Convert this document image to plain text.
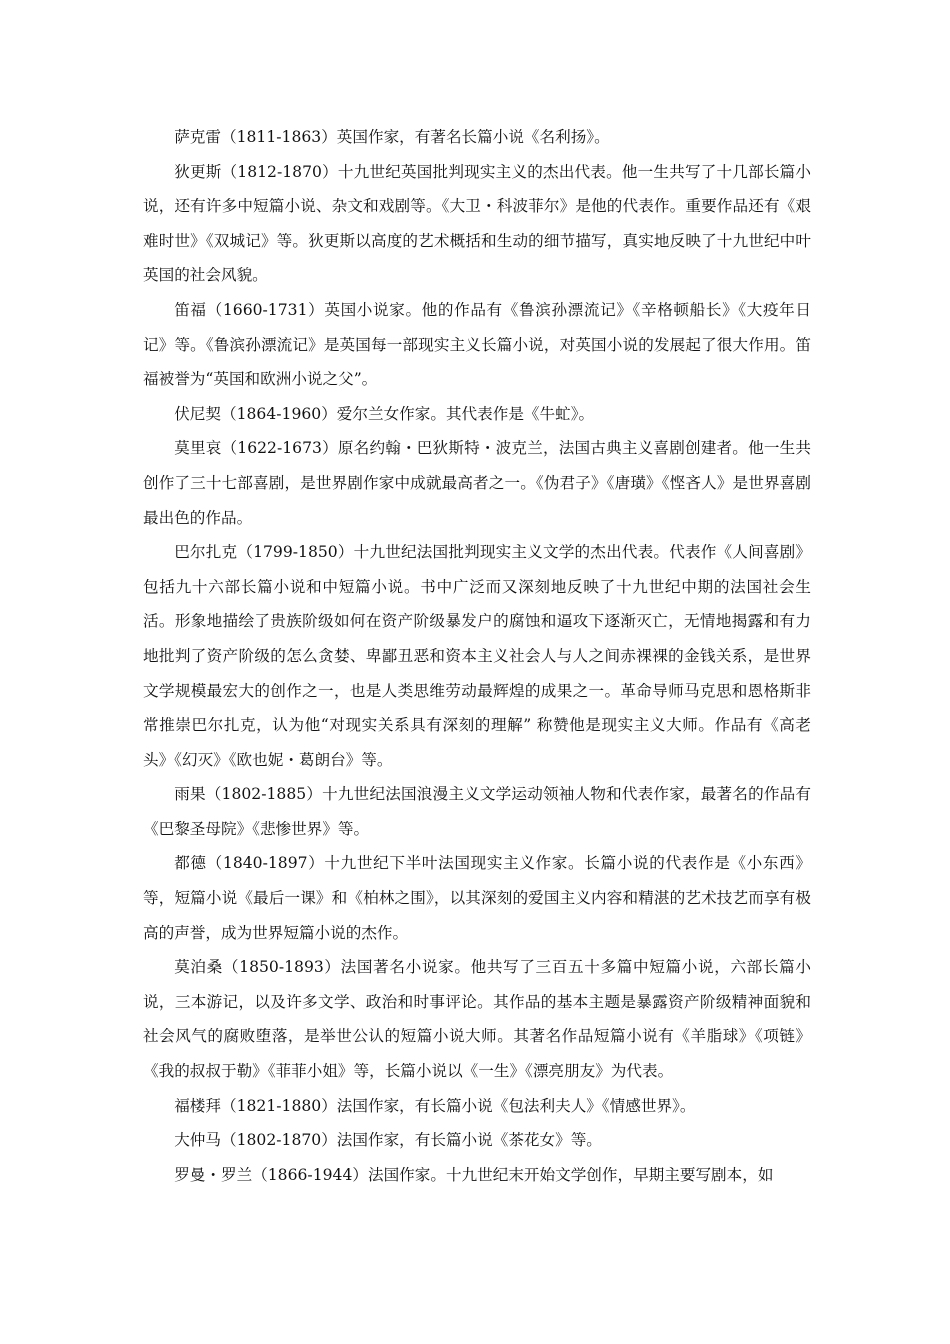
萨克雷（1811-1863）英国作家，有著名长篇小说《名利扬》。

狄更斯（1812-1870）十九世纪英国批判现实主义的杰出代表。他一生共写了十几部长篇小说，还有许多中短篇小说、杂文和戏剧等。《大卫・科波菲尔》是他的代表作。重要作品还有《艰难时世》《双城记》等。狄更斯以高度的艺术概括和生动的细节描写，真实地反映了十九世纪中叶英国的社会风貌。

笛福（1660-1731）英国小说家。他的作品有《鲁滨孙漂流记》《辛格顿船长》《大疫年日记》等。《鲁滨孙漂流记》是英国每一部现实主义长篇小说，对英国小说的发展起了很大作用。笛福被誉为“英国和欧洲小说之父”。

伏尼契（1864-1960）爱尔兰女作家。其代表作是《牛虻》。

莫里哀（1622-1673）原名约翰・巴狄斯特・波克兰，法国古典主义喜剧创建者。他一生共创作了三十七部喜剧，是世界剧作家中成就最高者之一。《伪君子》《唐璜》《悭吝人》是世界喜剧最出色的作品。

巴尔扎克（1799-1850）十九世纪法国批判现实主义文学的杰出代表。代表作《人间喜剧》包括九十六部长篇小说和中短篇小说。书中广泛而又深刻地反映了十九世纪中期的法国社会生活。形象地描绘了贵族阶级如何在资产阶级暴发户的腐蚀和逼攻下逐渐灭亡，无情地揭露和有力地批判了资产阶级的怎么贪婪、卑鄙丑恶和资本主义社会人与人之间赤裸裸的金钱关系，是世界文学规模最宏大的创作之一，也是人类思维劳动最辉煌的成果之一。革命导师马克思和恩格斯非常推崇巴尔扎克，认为他“对现实关系具有深刻的理解” 称赞他是现实主义大师。作品有《高老头》《幻灭》《欧也妮・葛朗台》等。

雨果（1802-1885）十九世纪法国浪漫主义文学运动领袖人物和代表作家，最著名的作品有《巴黎圣母院》《悲惨世界》等。

都德（1840-1897）十九世纪下半叶法国现实主义作家。长篇小说的代表作是《小东西》等，短篇小说《最后一课》和《柏林之围》，以其深刻的爱国主义内容和精湛的艺术技艺而享有极高的声誉，成为世界短篇小说的杰作。

莫泊桑（1850-1893）法国著名小说家。他共写了三百五十多篇中短篇小说，六部长篇小说，三本游记，以及许多文学、政治和时事评论。其作品的基本主题是暴露资产阶级精神面貌和社会风气的腐败堕落，是举世公认的短篇小说大师。其著名作品短篇小说有《羊脂球》《项链》《我的叔叔于勒》《菲菲小姐》等，长篇小说以《一生》《漂亮朋友》为代表。

福楼拜（1821-1880）法国作家，有长篇小说《包法利夫人》《情感世界》。

大仲马（1802-1870）法国作家，有长篇小说《茶花女》等。

罗曼・罗兰（1866-1944）法国作家。十九世纪末开始文学创作，早期主要写剧本，如
